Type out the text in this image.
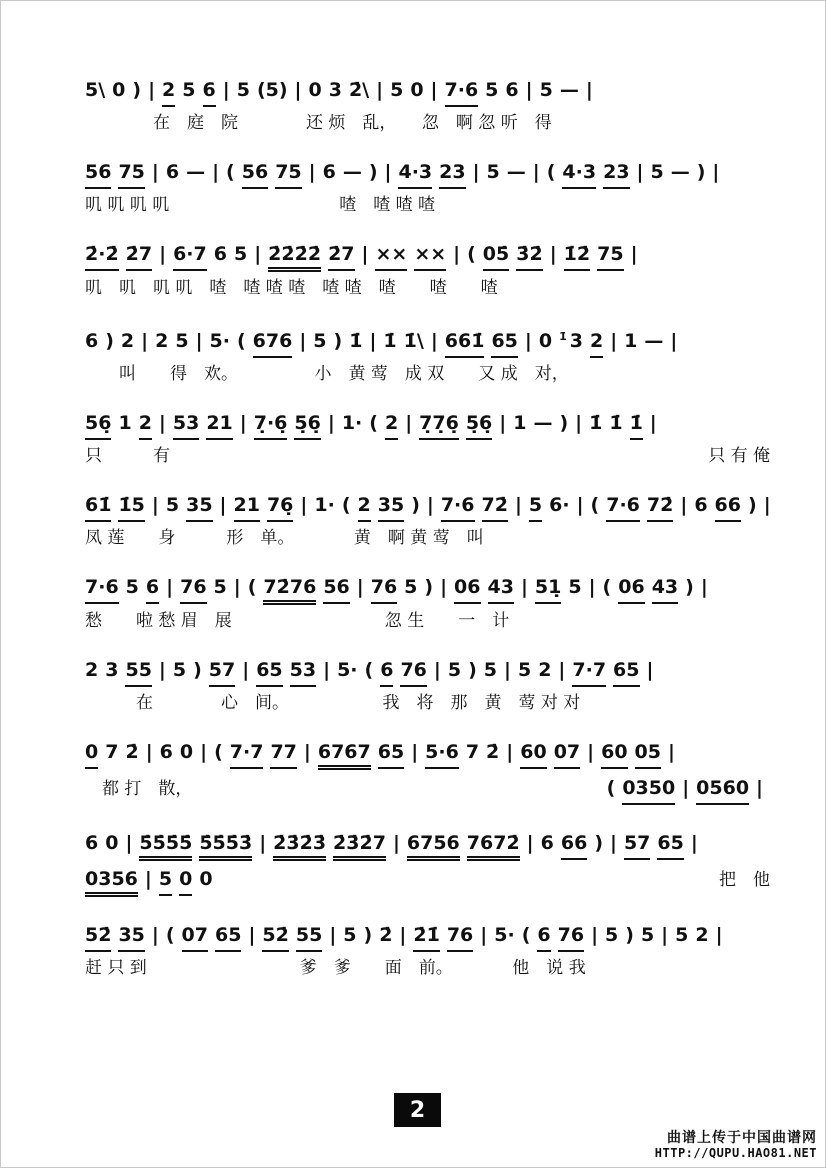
5\ 0 ) | 2 5 6 | 5 (5) | 0 3 2̇\ | 5 0 | 7·6 5 6 | 5 — |
　　　　在　庭　院　　　　还 烦　乱，　　忽　啊 忽 听　得
56 75 | 6 — | ( 56 75 | 6 — ) | 4·3 23 | 5 — | ( 4·3 23 | 5 — ) |
叽 叽 叽 叽　　　　　　　　　　喳　喳 喳 喳
2̇·2̇ 2̇7 | 6·7 6 5 | 2̇2̇2̇2̇ 2̇7 | ×× ×× | ( 05̇ 3̇2̇ | 1̇2̇ 75 |
叽　叽　叽 叽　喳　喳 喳 喳　喳 喳　喳　　喳　　喳
6 ) 2 | 2 5 | 5· ( 676 | 5 ) 1̇ | 1̇ 1̇\ | 661̇ 65 | 0 1̇ 3 2 | 1 — |
　　叫　　得　欢。　　　　　小　黄 莺　成 双　　又 成　对，
56̣ 1 2 | 53 21 | 7̣·6̣ 5̣6̣ | 1· ( 2 | 7̣7̣6̣ 5̣6̣ | 1 — ) | 1̇ 1̇ 1̇ |
只　　　有	只 有 俺
61̇ 1̇5 | 5 35 | 21 76̣ | 1· ( 2 35 ) | 7·6 72̇ | 5 6· | ( 7·6 72̇ | 6 66 ) |
凤 莲　　身　　　形　单。　　　　黄　啊 黄 莺　叫
7·6 5 6 | 76 5 | ( 72̇76 56 | 76 5 ) | 06 43 | 51̣ 5 | ( 06 43 ) |
愁　　啦 愁 眉　展　　　　　　　　　忽 生　　一　计
2 3 55 | 5 ) 57 | 65 53 | 5· ( 6 76 | 5 ) 5 | 5 2 | 7·7 65 |
　　　在　　　　心　间。　　　　　　我　将　那　黄　莺 对 对
0 7 2̇ | 6 0 | ( 7·7 77 | 6767 65 | 5·6 7 2̇ | 60 07 | 60 05 |
　都 打　散，	( 0350 | 0560 |
6 0 | 5̇5̇5̇5̇ 5̇5̇5̇3̇ | 2̇3̇2̇3̇ 2̇3̇2̇7 | 6756 7672̇ | 6 66 ) | 57 65 |
0356 | 5 0 0	把　他
52̇ 35 | ( 07 65 | 52̇ 55 | 5 ) 2̇ | 2̇1̇ 76 | 5· ( 6 76 | 5 ) 5 | 5 2 |
赶 只 到　　　　　　　　　爹　爹　　面　前。　　　　他　说 我
2
曲谱上传于中国曲谱网
HTTP://QUPU.HAO81.NET
